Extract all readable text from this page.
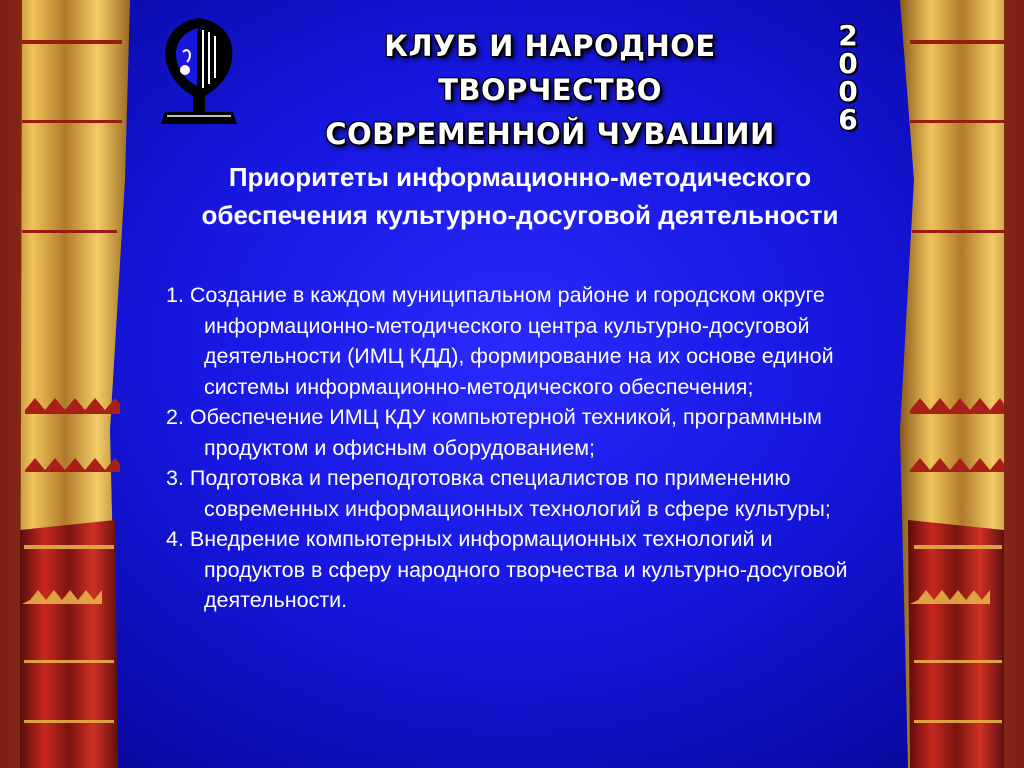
КЛУБ И НАРОДНОЕ ТВОРЧЕСТВО
СОВРЕМЕННОЙ ЧУВАШИИ
2
0
0
6
Приоритеты информационно-методического
обеспечения культурно-досуговой деятельности
1. Создание в каждом муниципальном районе и городском округе информационно-методического центра культурно-досуговой деятельности (ИМЦ КДД), формирование на их основе единой системы информационно-методического обеспечения;
2. Обеспечение ИМЦ КДУ компьютерной техникой, программным продуктом и офисным оборудованием;
3. Подготовка и переподготовка специалистов по применению современных информационных технологий в сфере культуры;
4. Внедрение компьютерных информационных технологий и продуктов в сферу народного творчества и культурно-досуговой деятельности.
